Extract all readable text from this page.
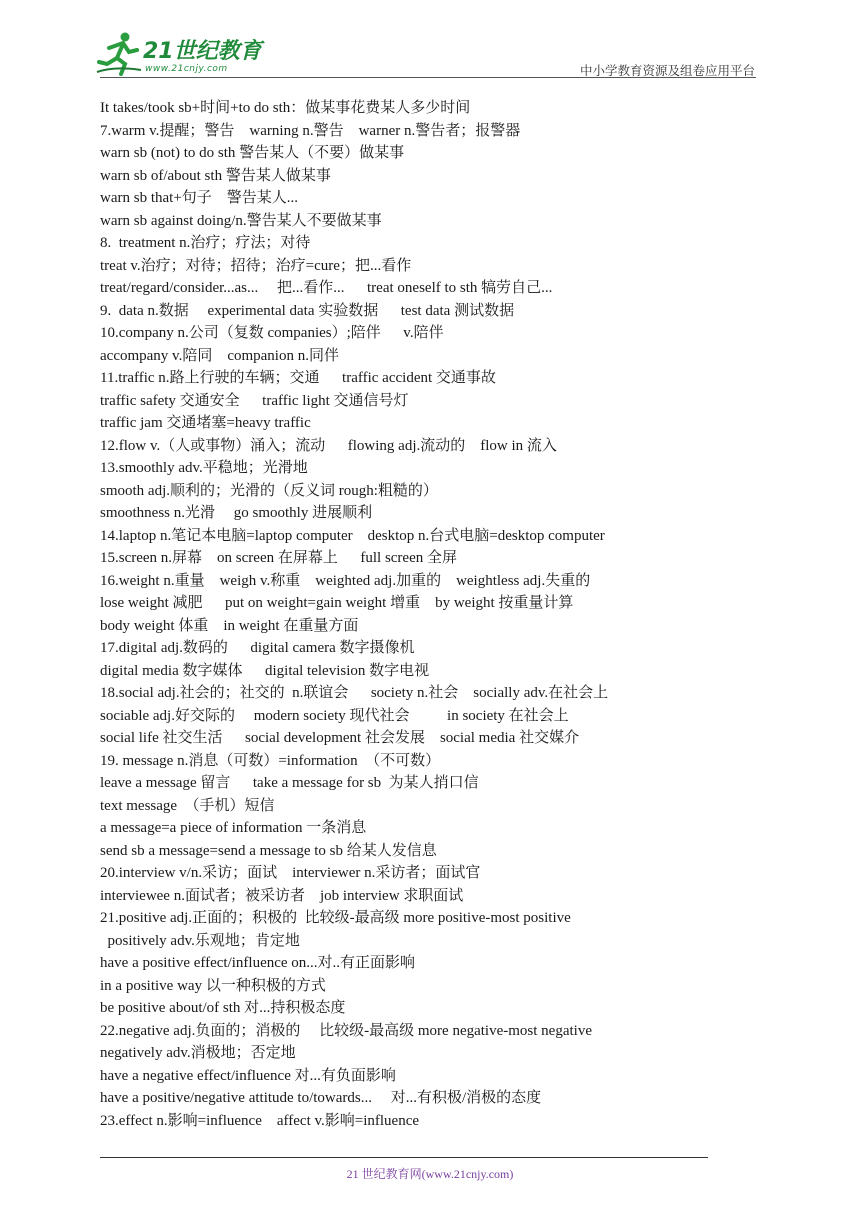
21世纪教育
www.21cnjy.com	中小学教育资源及组卷应用平台
It takes/took sb+时间+to do sth：做某事花费某人多少时间
7.warm v.提醒；警告　warning n.警告　warner n.警告者；报警器
warn sb (not) to do sth 警告某人（不要）做某事
warn sb of/about sth 警告某人做某事
warn sb that+句子　警告某人...
warn sb against doing/n.警告某人不要做某事
8.  treatment n.治疗；疗法；对待
treat v.治疗；对待；招待；治疗=cure；把...看作
treat/regard/consider...as...　 把...看作...　  treat oneself to sth 犒劳自己...
9.  data n.数据　 experimental data 实验数据　  test data 测试数据
10.company n.公司（复数 companies）;陪伴　  v.陪伴
accompany v.陪同　companion n.同伴
11.traffic n.路上行驶的车辆；交通　  traffic accident 交通事故
traffic safety 交通安全　  traffic light 交通信号灯
traffic jam 交通堵塞=heavy traffic
12.flow v.（人或事物）涌入；流动　  flowing adj.流动的　flow in 流入
13.smoothly adv.平稳地；光滑地
smooth adj.顺利的；光滑的（反义词 rough:粗糙的）
smoothness n.光滑　 go smoothly 进展顺利
14.laptop n.笔记本电脑=laptop computer　desktop n.台式电脑=desktop computer
15.screen n.屏幕　on screen 在屏幕上　  full screen 全屏
16.weight n.重量　weigh v.称重　weighted adj.加重的　weightless adj.失重的
lose weight 减肥　  put on weight=gain weight 增重　by weight 按重量计算
body weight 体重　in weight 在重量方面
17.digital adj.数码的　  digital camera 数字摄像机
digital media 数字媒体　  digital television 数字电视
18.social adj.社会的；社交的  n.联谊会　  society n.社会　socially adv.在社会上
sociable adj.好交际的　 modern society 现代社会　　  in society 在社会上
social life 社交生活　  social development 社会发展　social media 社交媒介
19. message n.消息（可数）=information　（不可数）
leave a message 留言　  take a message for sb  为某人捎口信
text message  （手机）短信
a message=a piece of information 一条消息
send sb a message=send a message to sb 给某人发信息
20.interview v/n.采访；面试　interviewer n.采访者；面试官
interviewee n.面试者；被采访者　job interview 求职面试
21.positive adj.正面的；积极的  比较级-最高级 more positive-most positive
positively adv.乐观地；肯定地
have a positive effect/influence on...对..有正面影响
in a positive way 以一种积极的方式
be positive about/of sth 对...持积极态度
22.negative adj.负面的；消极的　 比较级-最高级 more negative-most negative
negatively adv.消极地；否定地
have a negative effect/influence 对...有负面影响
have a positive/negative attitude to/towards...　 对...有积极/消极的态度
23.effect n.影响=influence　affect v.影响=influence
21 世纪教育网(www.21cnjy.com)
